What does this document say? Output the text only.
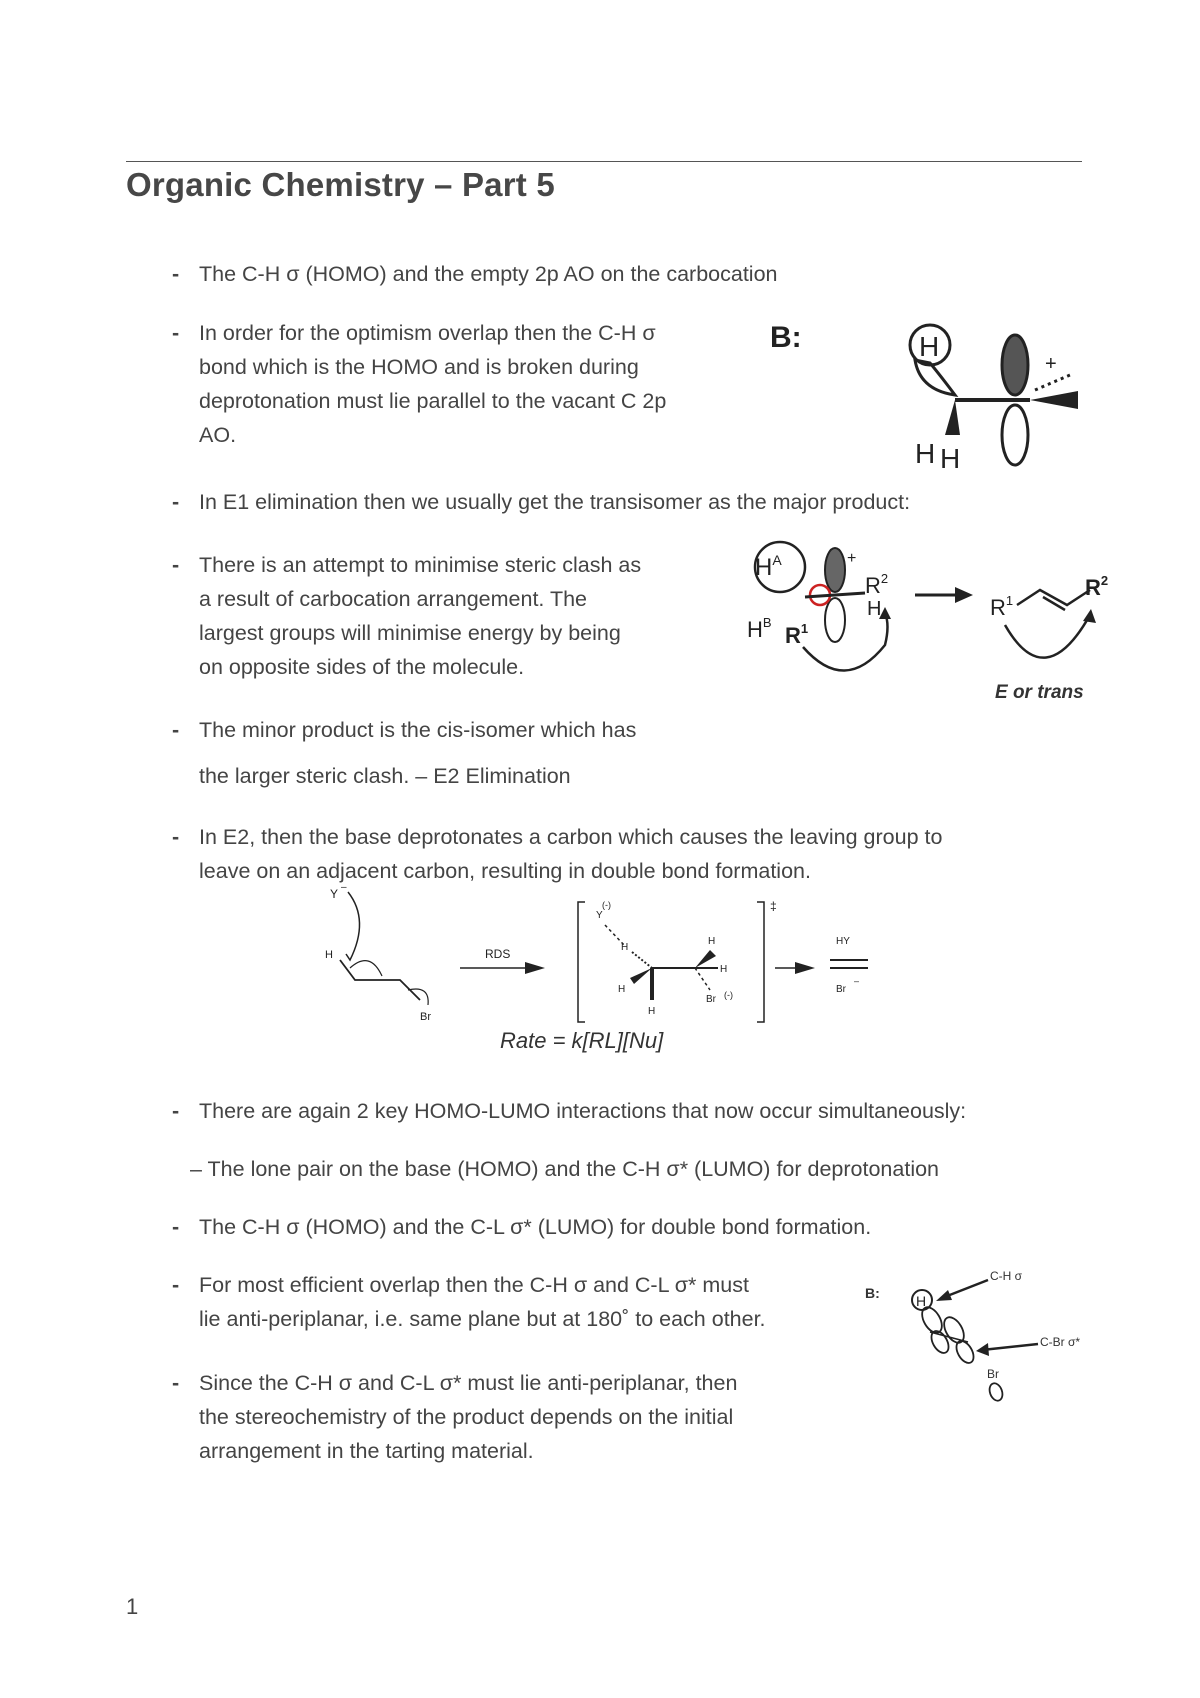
Organic Chemistry – Part 5
- The C-H σ (HOMO) and the empty 2p AO on the carbocation
- In order for the optimism overlap then the C-H σ
bond which is the HOMO and is broken during
deprotonation must lie parallel to the vacant C 2p
AO.
- In E1 elimination then we usually get the transisomer as the major product:
- There is an attempt to minimise steric clash as
a result of carbocation arrangement. The
largest groups will minimise energy by being
on opposite sides of the molecule.
- The minor product is the cis-isomer which has
the larger steric clash. – E2 Elimination
- In E2, then the base deprotonates a carbon which causes the leaving group to
leave on an adjacent carbon, resulting in double bond formation.
- There are again 2 key HOMO-LUMO interactions that now occur simultaneously:
– The lone pair on the base (HOMO) and the C-H σ* (LUMO) for deprotonation
- The C-H σ (HOMO) and the C-L σ* (LUMO) for double bond formation.
- For most efficient overlap then the C-H σ and C-L σ* must
lie anti-periplanar, i.e. same plane but at 180˚ to each other.
- Since the C-H σ and C-L σ* must lie anti-periplanar, then
the stereochemistry of the product depends on the initial
arrangement in the tarting material.
B:	H
+
H H
$H^A$	+
$R^2$
H
$H^B$
$R^1$
$R^1$
$R^2$
E or trans
Y –
H
Br
RDS
‡
(-)
Y
H
H
H
H
H
Br (-)
HY
Br
–
Rate = k[RL][Nu]
B:	H
C-H σ
C-Br σ*
Br
1
